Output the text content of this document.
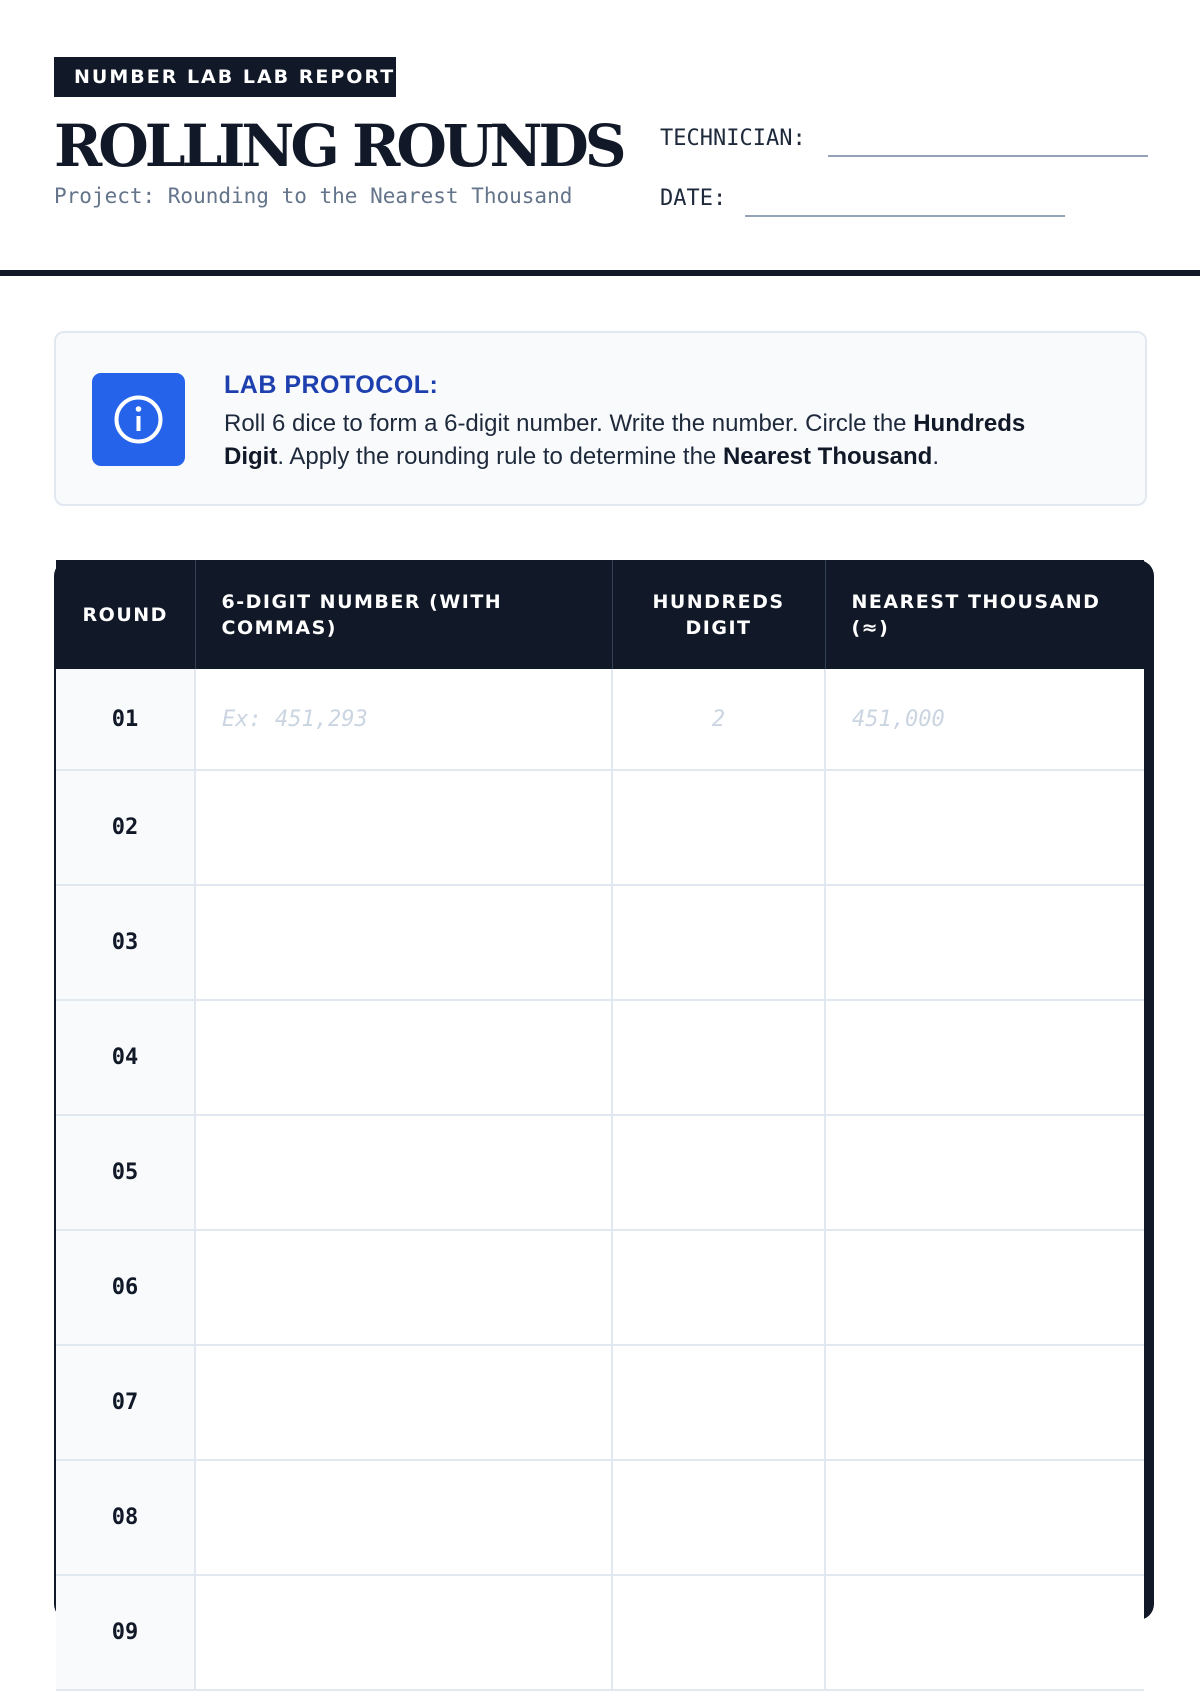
NUMBER LAB LAB REPORT
ROLLING ROUNDS
Project: Rounding to the Nearest Thousand
TECHNICIAN:
DATE:
LAB PROTOCOL:
Roll 6 dice to form a 6-digit number. Write the number. Circle the Hundreds Digit. Apply the rounding rule to determine the Nearest Thousand.
ROUND	6-DIGIT NUMBER (WITH COMMAS)	HUNDREDS DIGIT	NEAREST THOUSAND (≈)
01	Ex: 451,293	2	451,000
02			
03			
04			
05			
06			
07			
08			
09			
